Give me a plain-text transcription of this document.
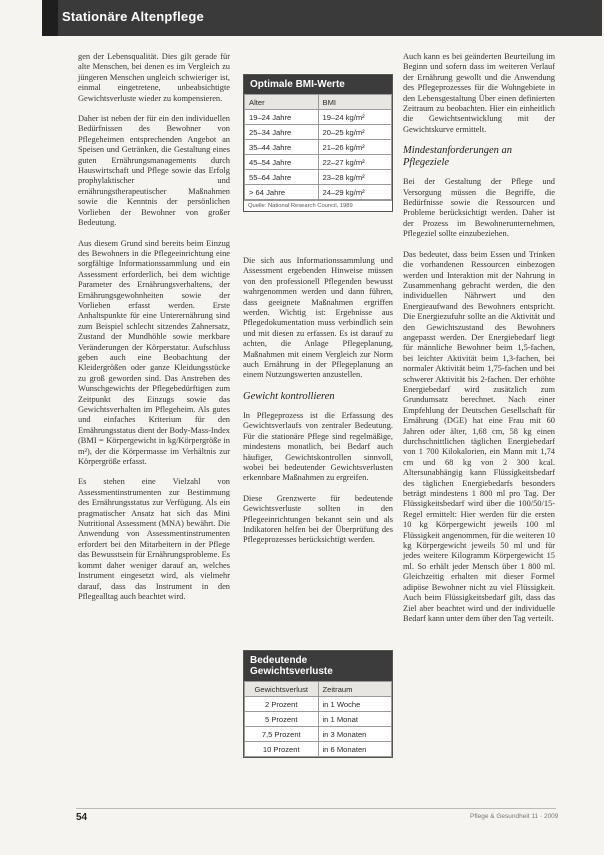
Stationäre Altenpflege

gen der Lebensqualität. Dies gilt gerade für alte Menschen, bei denen es im Vergleich zu jüngeren Menschen ungleich schwieriger ist, einmal eingetretene, unbeabsichtigte Gewichtsverluste wieder zu kompensieren.

Daher ist neben der für ein den individuellen Bedürfnissen des Bewohner von Pflegeheimen entsprechenden Angebot an Speisen und Getränken, die Gestaltung eines guten Ernährungsmanagements durch Hauswirtschaft und Pflege sowie das Erfolg prophylaktischer und ernährungstherapeutischer Maßnahmen sowie die Kenntnis der persönlichen Vorlieben der Bewohner von großer Bedeutung.

Aus diesem Grund sind bereits beim Einzug des Bewohners in die Pflegeeinrichtung eine sorgfältige Informationssammlung und ein Assessment erforderlich, bei dem wichtige Parameter des Ernährungsverhaltens, der Ernährungsgewohnheiten sowie der Vorlieben erfasst werden. Erste Anhaltspunkte für eine Unterernährung sind zum Beispiel schlecht sitzendes Zahnersatz, Zustand der Mundhöhle sowie merkbare Veränderungen der Körperstatur. Aufschluss geben auch eine Beobachtung der Kleidergrößen oder ganze Kleidungsstücke zu groß geworden sind. Das Anstreben des Wunschgewichts der Pflegebedürftigen zum Zeitpunkt des Einzugs sowie das Gewichtsverhalten im Pflegeheim. Als gutes und einfaches Kriterium für den Ernährungsstatus dient der Body-Mass-Index (BMI = Körpergewicht in kg/Körpergröße in m²), der die Körpermasse im Verhältnis zur Körpergröße erfasst.

Es stehen eine Vielzahl von Assessmentinstrumenten zur Bestimmung des Ernährungsstatus zur Verfügung. Als ein pragmatischer Ansatz hat sich das Mini Nutritional Assessment (MNA) bewährt. Die Anwendung von Assessmentinstrumenten erfordert bei den Mitarbeitern in der Pflege das Bewusstsein für Ernährungsprobleme. Es kommt daher weniger darauf an, welches Instrument eingesetzt wird, als vielmehr darauf, dass das Instrument in den Pflegealltag auch beachtet wird.

Optimale BMI-Werte
Alter	BMI
19–24 Jahre	19–24 kg/m²
25–34 Jahre	20–25 kg/m²
35–44 Jahre	21–26 kg/m²
45–54 Jahre	22–27 kg/m²
55–64 Jahre	23–28 kg/m²
> 64 Jahre	24–29 kg/m²
Quelle: National Research Council, 1989

Die sich aus Informationssammlung und Assessment ergebenden Hinweise müssen von den professionell Pflegenden bewusst wahrgenommen werden und dann führen, dass geeignete Maßnahmen ergriffen werden. Wichtig ist: Ergebnisse aus Pflegedokumentation muss verbindlich sein und mit diesen zu erfassen. Es ist darauf zu achten, die Anlage Pflegeplanung, Maßnahmen mit einem Vergleich zur Norm auch Ernährung in der Pflegeplanung an einem Nutzungswerten anzustellen.

Gewicht kontrollieren

In Pflegeprozess ist die Erfassung des Gewichtsverlaufs von zentraler Bedeutung. Für die stationäre Pflege sind regelmäßige, mindestens monatlich, bei Bedarf auch häufiger, Gewichtskontrollen sinnvoll, wobei bei bedeutender Gewichtsverlusten erkennbare Maßnahmen zu ergreifen.

Diese Grenzwerte für bedeutende Gewichtsverluste sollten in den Pflegeeinrichtungen bekannt sein und als Indikatoren helfen bei der Überprüfung des Pflegeprozesses berücksichtigt werden.

Bedeutende Gewichtsverluste
Gewichtsverlust	Zeitraum
2 Prozent	in 1 Woche
5 Prozent	in 1 Monat
7,5 Prozent	in 3 Monaten
10 Prozent	in 6 Monaten

Auch kann es bei geänderten Beurteilung im Beginn und sofern dass im weiteren Verlauf der Ernährung gewollt und die Anwendung des Pflegeprozesses für die Wohngebiete in den Lebensgestaltung Über einen definierten Zeitraum zu beobachten. Hier ein einheitlich die Gewichtsentwicklung mit der Gewichtskurve ermittelt.

Mindestanforderungen an Pflegeziele

Bei der Gestaltung der Pflege und Versorgung müssen die Begriffe, die Bedürfnisse sowie die Ressourcen und Probleme berücksichtigt werden. Daher ist der Prozess im Bewohnerunternehmen, Pflegeziel sollte einzubeziehen.

Das bedeutet, dass beim Essen und Trinken die vorhandenen Ressourcen einbezogen werden und Interaktion mit der Nahrung in Zusammenhang gebracht werden, die den individuellen Nährwert und den Energieaufwand des Bewohners entspricht. Die Energiezufuhr sollte an die Aktivität und den Gewichtszustand des Bewohners angepasst werden. Der Energiebedarf liegt für männliche Bewohner beim 1,5-fachen, bei leichter Aktivität beim 1,3-fachen, bei normaler Aktivität beim 1,75-fachen und bei schwerer Aktivität bis 2-fachen. Der erhöhte Energiebedarf wird zusätzlich zum Grundumsatz berechnet. Nach einer Empfehlung der Deutschen Gesellschaft für Ernährung (DGE) hat eine Frau mit 60 Jahren oder älter, 1,68 cm, 58 kg einen durchschnittlichen täglichen Energiebedarf von 1 700 Kilokalorien, ein Mann mit 1,74 cm und 68 kg von 2 300 kcal. Altersunabhängig kann Flüssigkeitsbedarf des täglichen Energiebedarfs besonders beträgt mindestens 1 800 ml pro Tag. Der Flüssigkeitsbedarf wird über die 100/50/15-Regel ermittelt: Hier werden für die ersten 10 kg Körpergewicht jeweils 100 ml Flüssigkeit angenommen, für die weiteren 10 kg Körpergewicht jeweils 50 ml und für jedes weitere Kilogramm Körpergewicht 15 ml. So erhält jeder Mensch über 1 800 ml. Gleichzeitig erhalten mit dieser Formel adipöse Bewohner nicht zu viel Flüssigkeit. Auch beim Flüssigkeitsbedarf gilt, dass das Ziel aber beachtet wird und der individuelle Bedarf kann unter dem über den Tag verteilt.

54	Pflege & Gesundheit 11 · 2009
